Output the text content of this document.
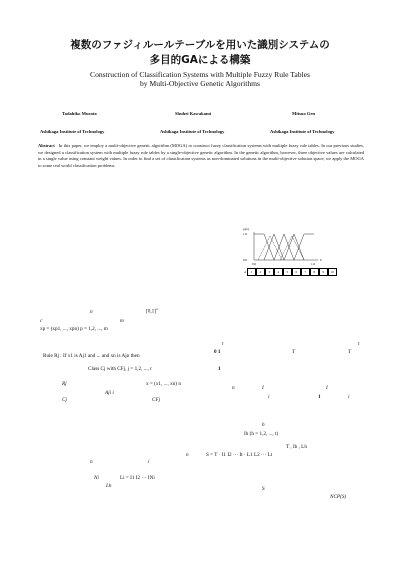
複数のファジィルールテーブルを用いた識別システムの
多目的GAによる構築
Construction of Classification Systems with Multiple Fuzzy Rule Tables
by Multi-Objective Genetic Algorithms
Tadahiko Murata	Shuhei Kawakami	Mitsuo Gen
Ashikaga Institute of Technology	Ashikaga Institute of Technology	Ashikaga Institute of Technology
Abstract In this paper, we employ a multi-objective genetic algorithm (MOGA) to construct fuzzy classification systems with multiple fuzzy rule tables. In our previous studies, we designed a classification system with multiple fuzzy rule tables by a single-objective genetic algorithm. In the genetic algorithm, however, three objective values are calculated in a single value using constant weight values. In order to find a set of classification systems as non-dominated solutions in the multi-objective solution space, we apply the MOGA to some real world classification problems.
μ(x)
1.0
0.0
0.0	1.0
x
A	1	2	3	4	5	6	7	8	9	10
n	$[0,1]^n$
c	m
xp = (xp1, ..., xpn) p = 1,2, ..., m
Rule Rj : If x1 is Aj1 and ... and xn is Ajn then
Class Cj with CFj, j = 1,2, ..., r
Rj	x = (x1, ..., xn) n
Aji i
Cj	CFj
t	t
0 1	T	T
1
n	I	I
i	1	i
h
Ih (h = 1,2, ..., t)
T , Ih , Lh
n	S = T · I1 I2 ··· It · L1 L2 ··· Lt
n	i
Ni	Li = I1 I2 ··· INi
Lh	S
NCP(S)
